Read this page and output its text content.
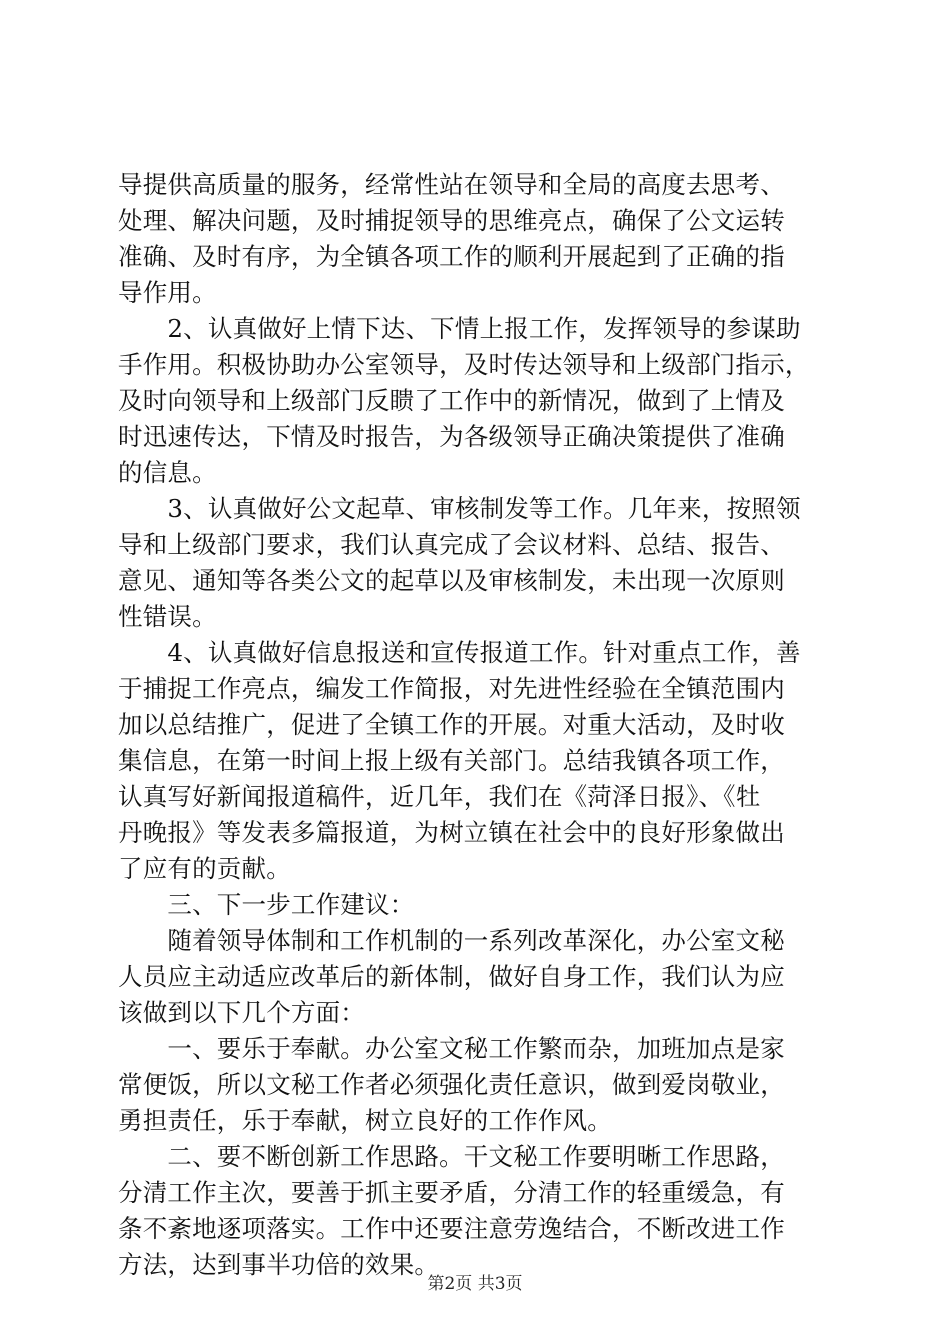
导提供高质量的服务，经常性站在领导和全局的高度去思考、
处理、解决问题，及时捕捉领导的思维亮点，确保了公文运转
准确、及时有序，为全镇各项工作的顺利开展起到了正确的指
导作用。
　　2、认真做好上情下达、下情上报工作，发挥领导的参谋助
手作用。积极协助办公室领导，及时传达领导和上级部门指示，
及时向领导和上级部门反瞆了工作中的新情况，做到了上情及
时迅速传达，下情及时报告，为各级领导正确决策提供了准确
的信息。
　　3、认真做好公文起草、审核制发等工作。几年来，按照领
导和上级部门要求，我们认真完成了会议材料、总结、报告、
意见、通知等各类公文的起草以及审核制发，未出现一次原则
性错误。
　　4、认真做好信息报送和宣传报道工作。针对重点工作，善
于捕捉工作亮点，编发工作简报，对先进性经验在全镇范围内
加以总结推广，促进了全镇工作的开展。对重大活动，及时收
集信息，在第一时间上报上级有关部门。总结我镇各项工作，
认真写好新闻报道稿件，近几年，我们在《菏泽日报》、《牡
丹晚报》等发表多篇报道，为树立镇在社会中的良好形象做出
了应有的贡献。
　　三、下一步工作建议：
　　随着领导体制和工作机制的一系列改革深化，办公室文秘
人员应主动适应改革后的新体制，做好自身工作，我们认为应
该做到以下几个方面：
　　一、要乐于奉献。办公室文秘工作繁而杂，加班加点是家
常便饭，所以文秘工作者必须强化责任意识，做到爱岗敬业，
勇担责任，乐于奉献，树立良好的工作作风。
　　二、要不断创新工作思路。干文秘工作要明晰工作思路，
分清工作主次，要善于抓主要矛盾，分清工作的轻重缓急，有
条不紊地逐项落实。工作中还要注意劳逸结合，不断改进工作
方法，达到事半功倍的效果。
第2页 共3页
